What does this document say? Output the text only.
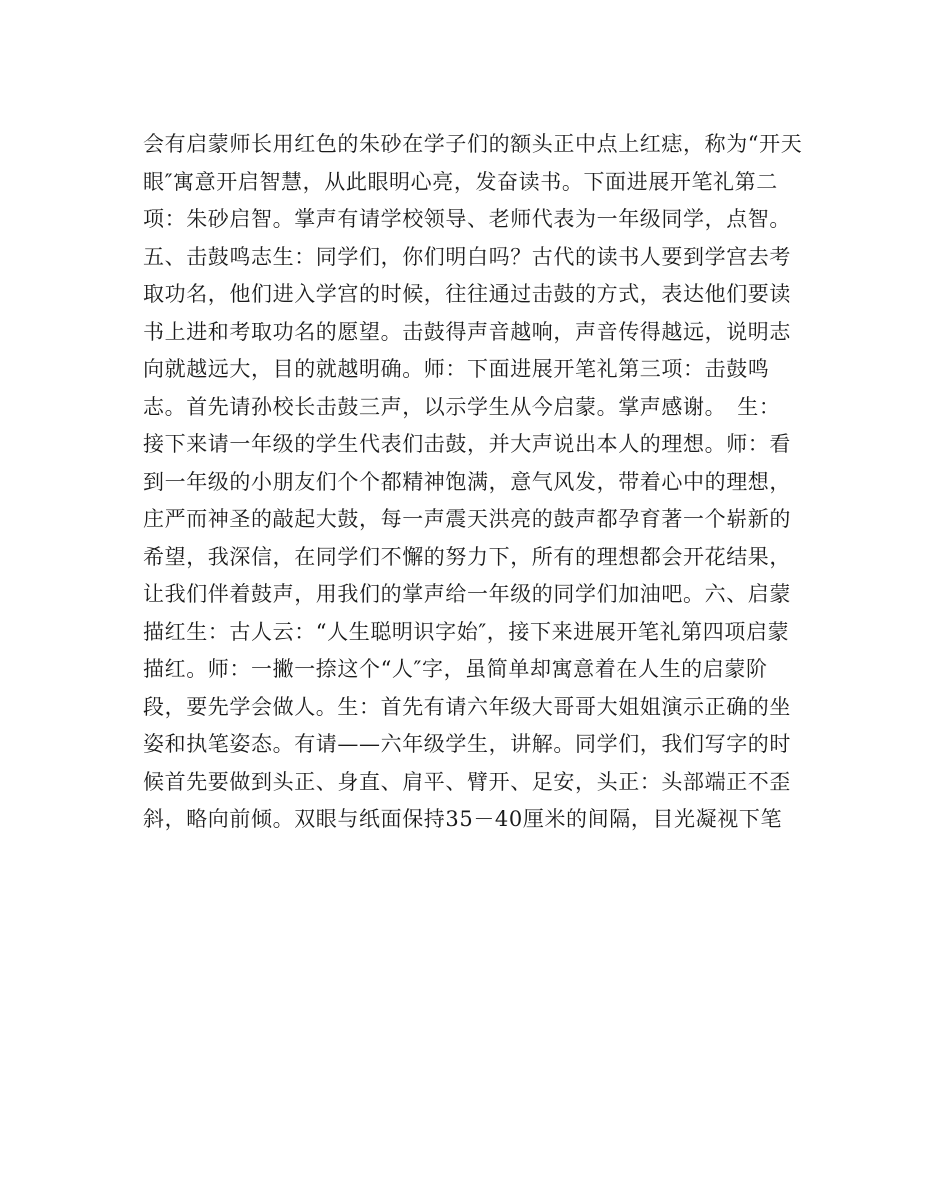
会有启蒙师长用红色的朱砂在学子们的额头正中点上红痣，称为“开天
眼″寓意开启智慧，从此眼明心亮，发奋读书。下面进展开笔礼第二
项：朱砂启智。掌声有请学校领导、老师代表为一年级同学，点智。
五、击鼓鸣志生：同学们，你们明白吗？古代的读书人要到学宫去考
取功名，他们进入学宫的时候，往往通过击鼓的方式，表达他们要读
书上进和考取功名的愿望。击鼓得声音越响，声音传得越远，说明志
向就越远大，目的就越明确。师：下面进展开笔礼第三项：击鼓鸣
志。首先请孙校长击鼓三声，以示学生从今启蒙。掌声感谢。　生：
接下来请一年级的学生代表们击鼓，并大声说出本人的理想。师：看
到一年级的小朋友们个个都精神饱满，意气风发，带着心中的理想，
庄严而神圣的敲起大鼓，每一声震天洪亮的鼓声都孕育著一个崭新的
希望，我深信，在同学们不懈的努力下，所有的理想都会开花结果，
让我们伴着鼓声，用我们的掌声给一年级的同学们加油吧。六、启蒙
描红生：古人云：“人生聪明识字始″，接下来进展开笔礼第四项启蒙
描红。师：一撇一捺这个“人″字，虽简单却寓意着在人生的启蒙阶
段，要先学会做人。生：首先有请六年级大哥哥大姐姐演示正确的坐
姿和执笔姿态。有请——六年级学生，讲解。同学们，我们写字的时
候首先要做到头正、身直、肩平、臂开、足安，头正：头部端正不歪
斜，略向前倾。双眼与纸面保持35－40厘米的间隔，目光凝视下笔
